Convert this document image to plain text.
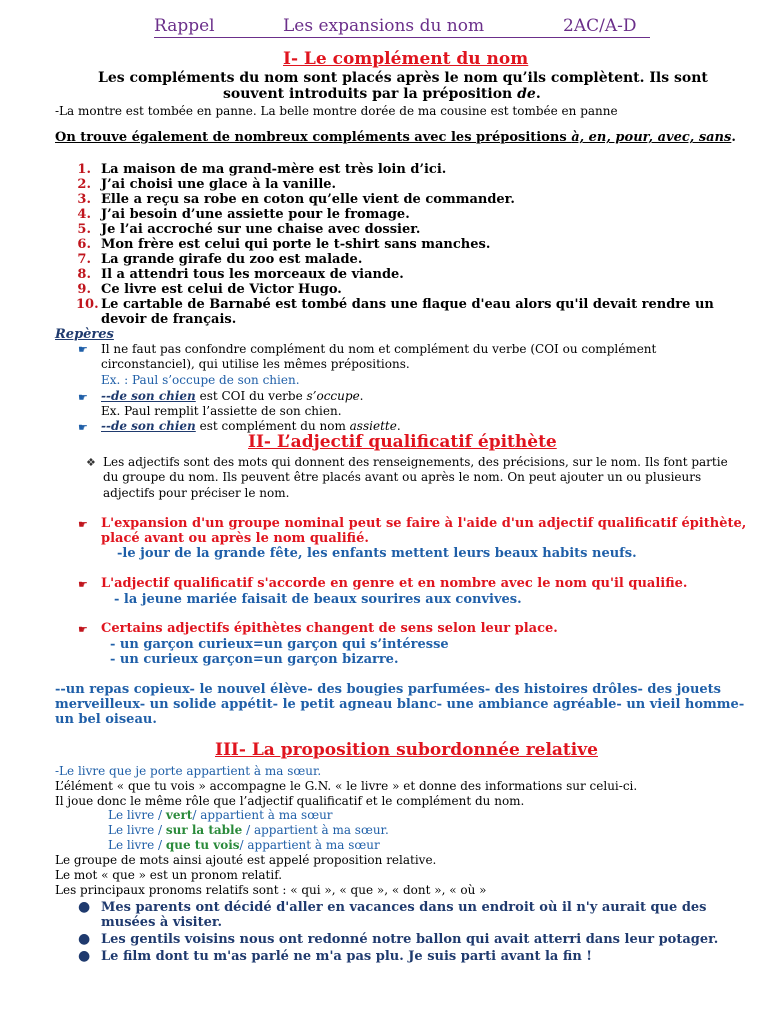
Rappel	Les expansions du nom	2AC/A-D
I- Le complément du nom
Les compléments du nom sont placés après le nom qu’ils complètent. Ils sont
souvent introduits par la préposition de.
-La montre est tombée en panne. La belle montre dorée de ma cousine est tombée en panne
On trouve également de nombreux compléments avec les prépositions à, en, pour, avec, sans.
1. La maison de ma grand-mère est très loin d’ici.
2. J’ai choisi une glace à la vanille.
3. Elle a reçu sa robe en coton qu’elle vient de commander.
4. J’ai besoin d’une assiette pour le fromage.
5. Je l’ai accroché sur une chaise avec dossier.
6. Mon frère est celui qui porte le t-shirt sans manches.
7. La grande girafe du zoo est malade.
8. Il a attendri tous les morceaux de viande.
9. Ce livre est celui de Victor Hugo.
10. Le cartable de Barnabé est tombé dans une flaque d'eau alors qu'il devait rendre un
devoir de français.
Repères
☛ Il ne faut pas confondre complément du nom et complément du verbe (COI ou complément
circonstanciel), qui utilise les mêmes prépositions.
Ex. : Paul s’occupe de son chien.
☛ --de son chien est COI du verbe s’occupe.
Ex. Paul remplit l’assiette de son chien.
☛ --de son chien est complément du nom assiette.
II- L’adjectif qualificatif épithète
❖ Les adjectifs sont des mots qui donnent des renseignements, des précisions, sur le nom. Ils font partie
du groupe du nom. Ils peuvent être placés avant ou après le nom. On peut ajouter un ou plusieurs
adjectifs pour préciser le nom.
☛ L'expansion d'un groupe nominal peut se faire à l'aide d'un adjectif qualificatif épithète,
placé avant ou après le nom qualifié.
-le jour de la grande fête, les enfants mettent leurs beaux habits neufs.
☛ L'adjectif qualificatif s'accorde en genre et en nombre avec le nom qu'il qualifie.
- la jeune mariée faisait de beaux sourires aux convives.
☛ Certains adjectifs épithètes changent de sens selon leur place.
- un garçon curieux=un garçon qui s’intéresse
- un curieux garçon=un garçon bizarre.
--un repas copieux- le nouvel élève- des bougies parfumées- des histoires drôles- des jouets
merveilleux- un solide appétit- le petit agneau blanc- une ambiance agréable- un vieil homme-
un bel oiseau.
III- La proposition subordonnée relative
-Le livre que je porte appartient à ma sœur.
L’élément « que tu vois » accompagne le G.N. « le livre » et donne des informations sur celui-ci.
Il joue donc le même rôle que l’adjectif qualificatif et le complément du nom.
Le livre / vert/ appartient à ma sœur
Le livre / sur la table / appartient à ma sœur.
Le livre / que tu vois/ appartient à ma sœur
Le groupe de mots ainsi ajouté est appelé proposition relative.
Le mot « que » est un pronom relatif.
Les principaux pronoms relatifs sont : « qui », « que », « dont », « où »
● Mes parents ont décidé d'aller en vacances dans un endroit où il n'y aurait que des
musées à visiter.
● Les gentils voisins nous ont redonné notre ballon qui avait atterri dans leur potager.
● Le film dont tu m'as parlé ne m'a pas plu. Je suis parti avant la fin !
